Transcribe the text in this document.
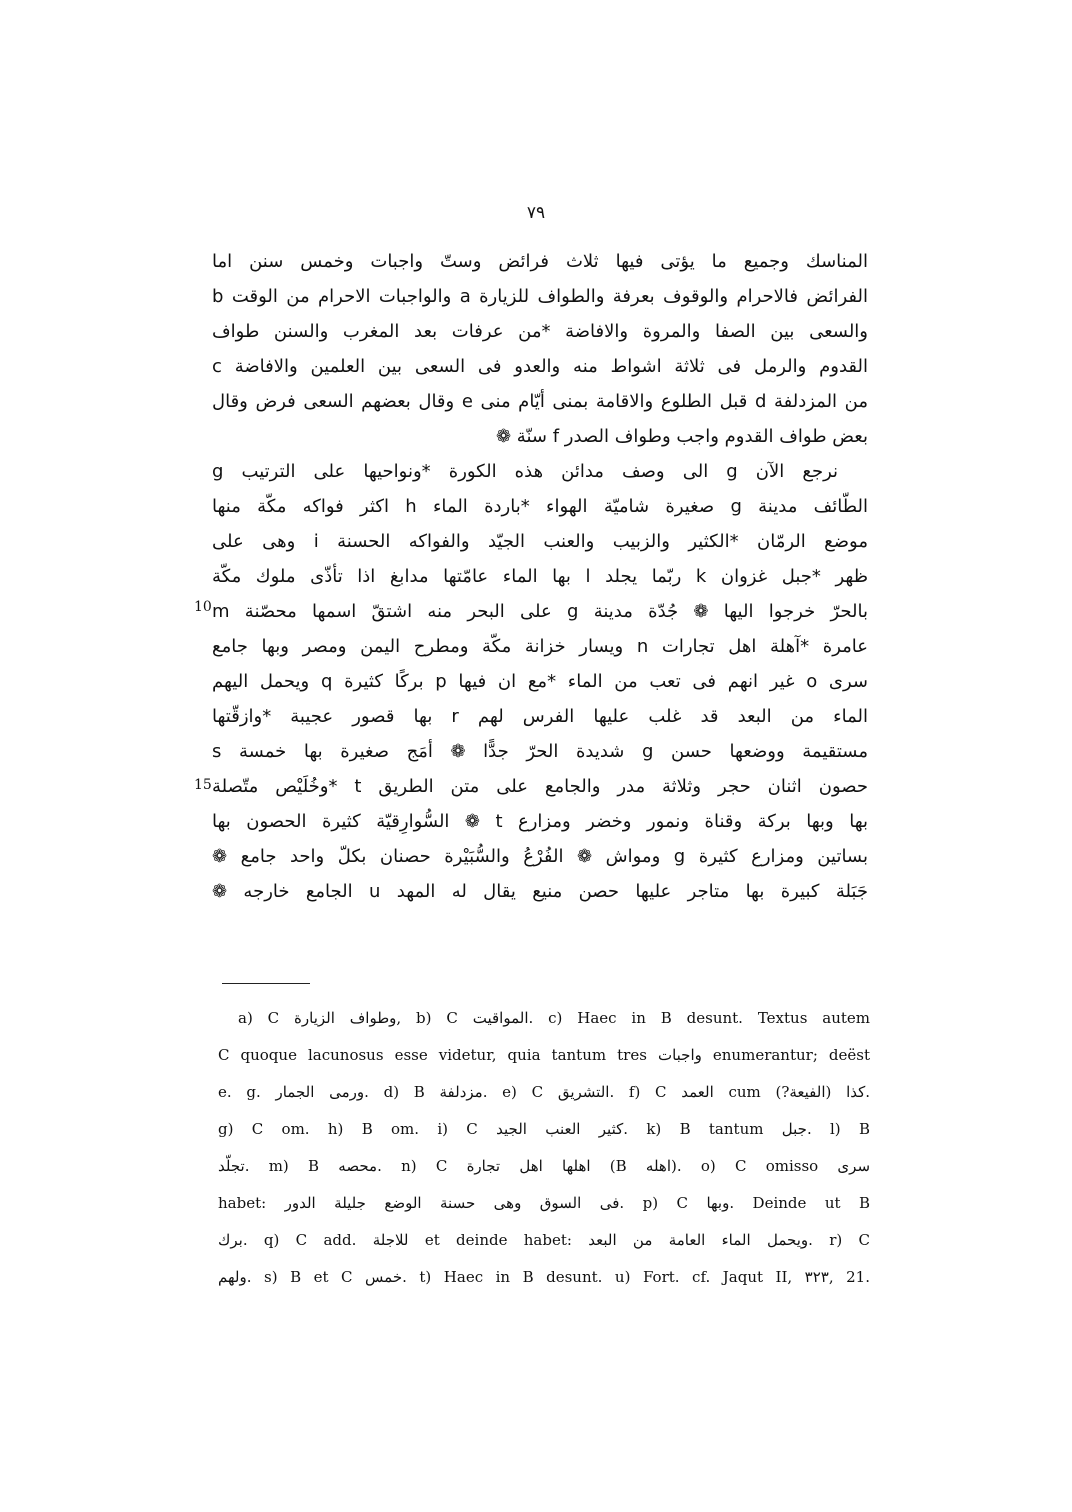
٧٩
المناسك وجميع ما يؤتى فيها ثلاث فرائض وستّ واجبات وخمس سنن اما
الفرائض فالاحرام والوقوف بعرفة والطواف للزيارة a والواجبات الاحرام من الوقت b
والسعى بين الصفا والمروة والافاضة *من عرفات بعد المغرب والسنن طواف
القدوم والرمل فى ثلاثة اشواط منه والعدو فى السعى بين العلمين والافاضة c
من المزدلفة d قبل الطلوع والاقامة بمنى أيّام منى e وقال بعضهم السعى فرض وقال
بعض طواف القدوم واجب وطواف الصدر f سنّة ❁
نرجع الآن g الى وصف مدائن هذه الكورة *ونواحيها على الترتيب g
الطّائف مدينة g صغيرة شاميّة الهواء *باردة الماء h اكثر فواكه مكّة منها
موضع الرمّان *الكثير والزبيب والعنب الجيّد والفواكه الحسنة i وهى على
ظهر *جبل غزوان k ربّما يجلد l بها الماء عامّتها مدابغ اذا تأذّى ملوك مكّة
بالحرّ خرجوا اليها ❁ جُدّة مدينة g على البحر منه اشتقّ اسمها محصّنة m
عامرة *آهلة اهل تجارات n ويسار خزانة مكّة ومطرح اليمن ومصر وبها جامع
سرى o غير انهم فى تعب من الماء *مع ان فيها p بركًا كثيرة q ويحمل اليهم
الماء من البعد قد غلب عليها الفرس لهم r بها قصور عجيبة *وازقّتها
مستقيمة ووضعها حسن g شديدة الحرّ جدًّا ❁ أمَج صغيرة بها خمسة s
حصون اثنان حجر وثلاثة مدر والجامع على متن الطريق t *وخُلَيْص متّصلة
بها وبها بركة وقناة ونمور وخضر ومزارع t ❁ السُّوارِقيّة كثيرة الحصون بها
بساتين ومزارع كثيرة g ومواش ❁ الفُرْعُ والسُّبَيْرة حصنان بكلّ واحد جامع ❁
جَبَلة كبيرة بها متاجر عليها حصن منيع يقال له المهد u الجامع خارجه ❁
10
15
a) C وطواف الزيارة, b) C المواقيت. c) Haec in B desunt. Textus autem
C quoque lacunosus esse videtur, quia tantum tres واجبات enumerantur; deëst
e. g. ورمى الجمار. d) B مزدلفة. e) C التشريق. f) C العمد cum كذا (الفيعة?).
g) C om. h) B om. i) C كثير العنب الجيد. k) B tantum جبل. l) B
تجلّد. m) B محصه. n) C اهلها اهل تجارة (B اهله). o) C omisso سرى
habet: فى السوق وهى حسنة الوضع جليلة الدور. p) C وبها. Deinde ut B
برك. q) C add. للاجلة et deinde habet: ويحمل الماء العامة من البعد. r) C
ولهم. s) B et C خمس. t) Haec in B desunt. u) Fort. cf. Jaqut II, ٣٢٣, 21.
